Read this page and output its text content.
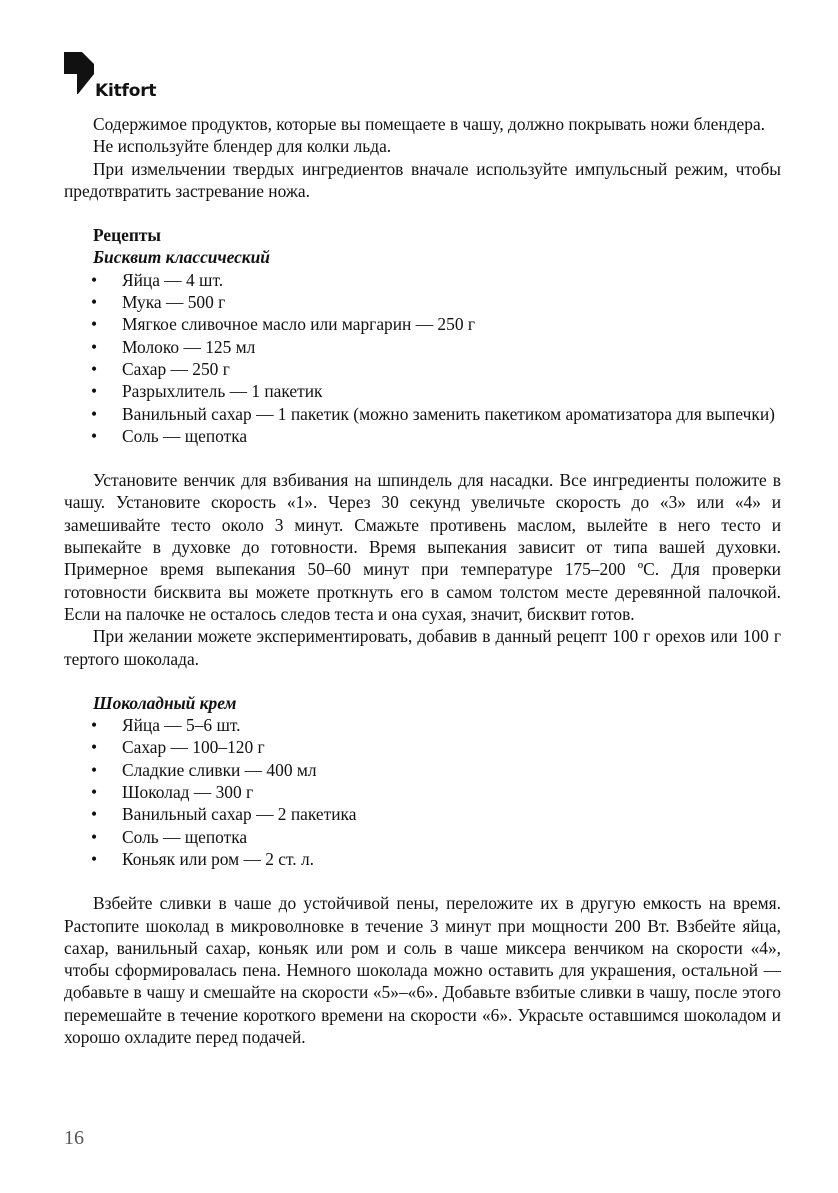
Kitfort

Содержимое продуктов, которые вы помещаете в чашу, должно покрывать ножи блендера.

Не используйте блендер для колки льда.

При измельчении твердых ингредиентов вначале используйте импульсный режим, чтобы предотвратить застревание ножа.

Рецепты

Бисквит классический

• Яйца — 4 шт.
• Мука — 500 г
• Мягкое сливочное масло или маргарин — 250 г
• Молоко — 125 мл
• Сахар — 250 г
• Разрыхлитель — 1 пакетик
• Ванильный сахар — 1 пакетик (можно заменить пакетиком ароматизатора для выпечки)
• Соль — щепотка

Установите венчик для взбивания на шпиндель для насадки. Все ингредиенты положите в чашу. Установите скорость «1». Через 30 секунд увеличьте скорость до «3» или «4» и замешивайте тесто около 3 минут. Смажьте противень маслом, вылейте в него тесто и выпекайте в духовке до готовности. Время выпекания зависит от типа вашей духовки. Примерное время выпекания 50–60 минут при температуре 175–200 ºC. Для проверки готовности бисквита вы можете проткнуть его в самом толстом месте деревянной палочкой. Если на палочке не осталось следов теста и она сухая, значит, бисквит готов.

При желании можете экспериментировать, добавив в данный рецепт 100 г орехов или 100 г тертого шоколада.

Шоколадный крем

• Яйца — 5–6 шт.
• Сахар — 100–120 г
• Сладкие сливки — 400 мл
• Шоколад — 300 г
• Ванильный сахар — 2 пакетика
• Соль — щепотка
• Коньяк или ром — 2 ст. л.

Взбейте сливки в чаше до устойчивой пены, переложите их в другую емкость на время. Растопите шоколад в микроволновке в течение 3 минут при мощности 200 Вт. Взбейте яйца, сахар, ванильный сахар, коньяк или ром и соль в чаше миксера венчиком на скорости «4», чтобы сформировалась пена. Немного шоколада можно оставить для украшения, остальной — добавьте в чашу и смешайте на скорости «5»–«6». Добавьте взбитые сливки в чашу, после этого перемешайте в течение короткого времени на скорости «6». Украсьте оставшимся шоколадом и хорошо охладите перед подачей.

16
